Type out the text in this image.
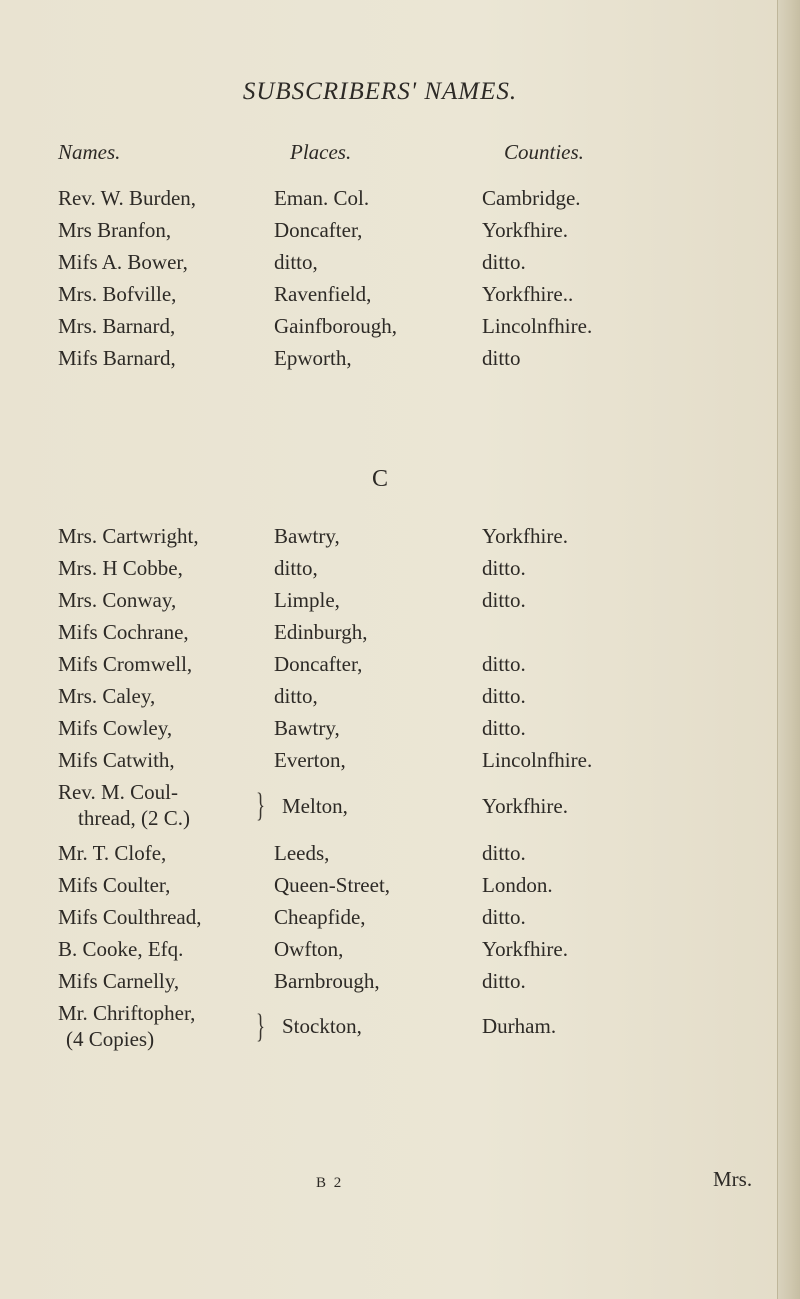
SUBSCRIBERS' NAMES.
Names.	Places.	Counties.
Rev. W. Burden,	Eman. Col.	Cambridge.
Mrs Branfon,	Doncafter,	Yorkfhire.
Mifs A. Bower,	ditto,	ditto.
Mrs. Bofville,	Ravenfield,	Yorkfhire..
Mrs. Barnard,	Gainfborough,	Lincolnfhire.
Mifs Barnard,	Epworth,	ditto
C
Mrs. Cartwright,	Bawtry,	Yorkfhire.
Mrs. H Cobbe,	ditto,	ditto.
Mrs. Conway,	Limple,	ditto.
Mifs Cochrane,	Edinburgh,
Mifs Cromwell,	Doncafter,	ditto.
Mrs. Caley,	ditto,	ditto.
Mifs Cowley,	Bawtry,	ditto.
Mifs Catwith,	Everton,	Lincolnfhire.
Rev. M. Coul-
thread, (2 C.) } Melton,	Yorkfhire.
Mr. T. Clofe,	Leeds,	ditto.
Mifs Coulter,	Queen-Street,	London.
Mifs Coulthread,	Cheapfide,	ditto.
B. Cooke, Efq.	Owfton,	Yorkfhire.
Mifs Carnelly,	Barnbrough,	ditto.
Mr. Chriftopher,
(4 Copies)	} Stockton,	Durham.
B 2	Mrs.
